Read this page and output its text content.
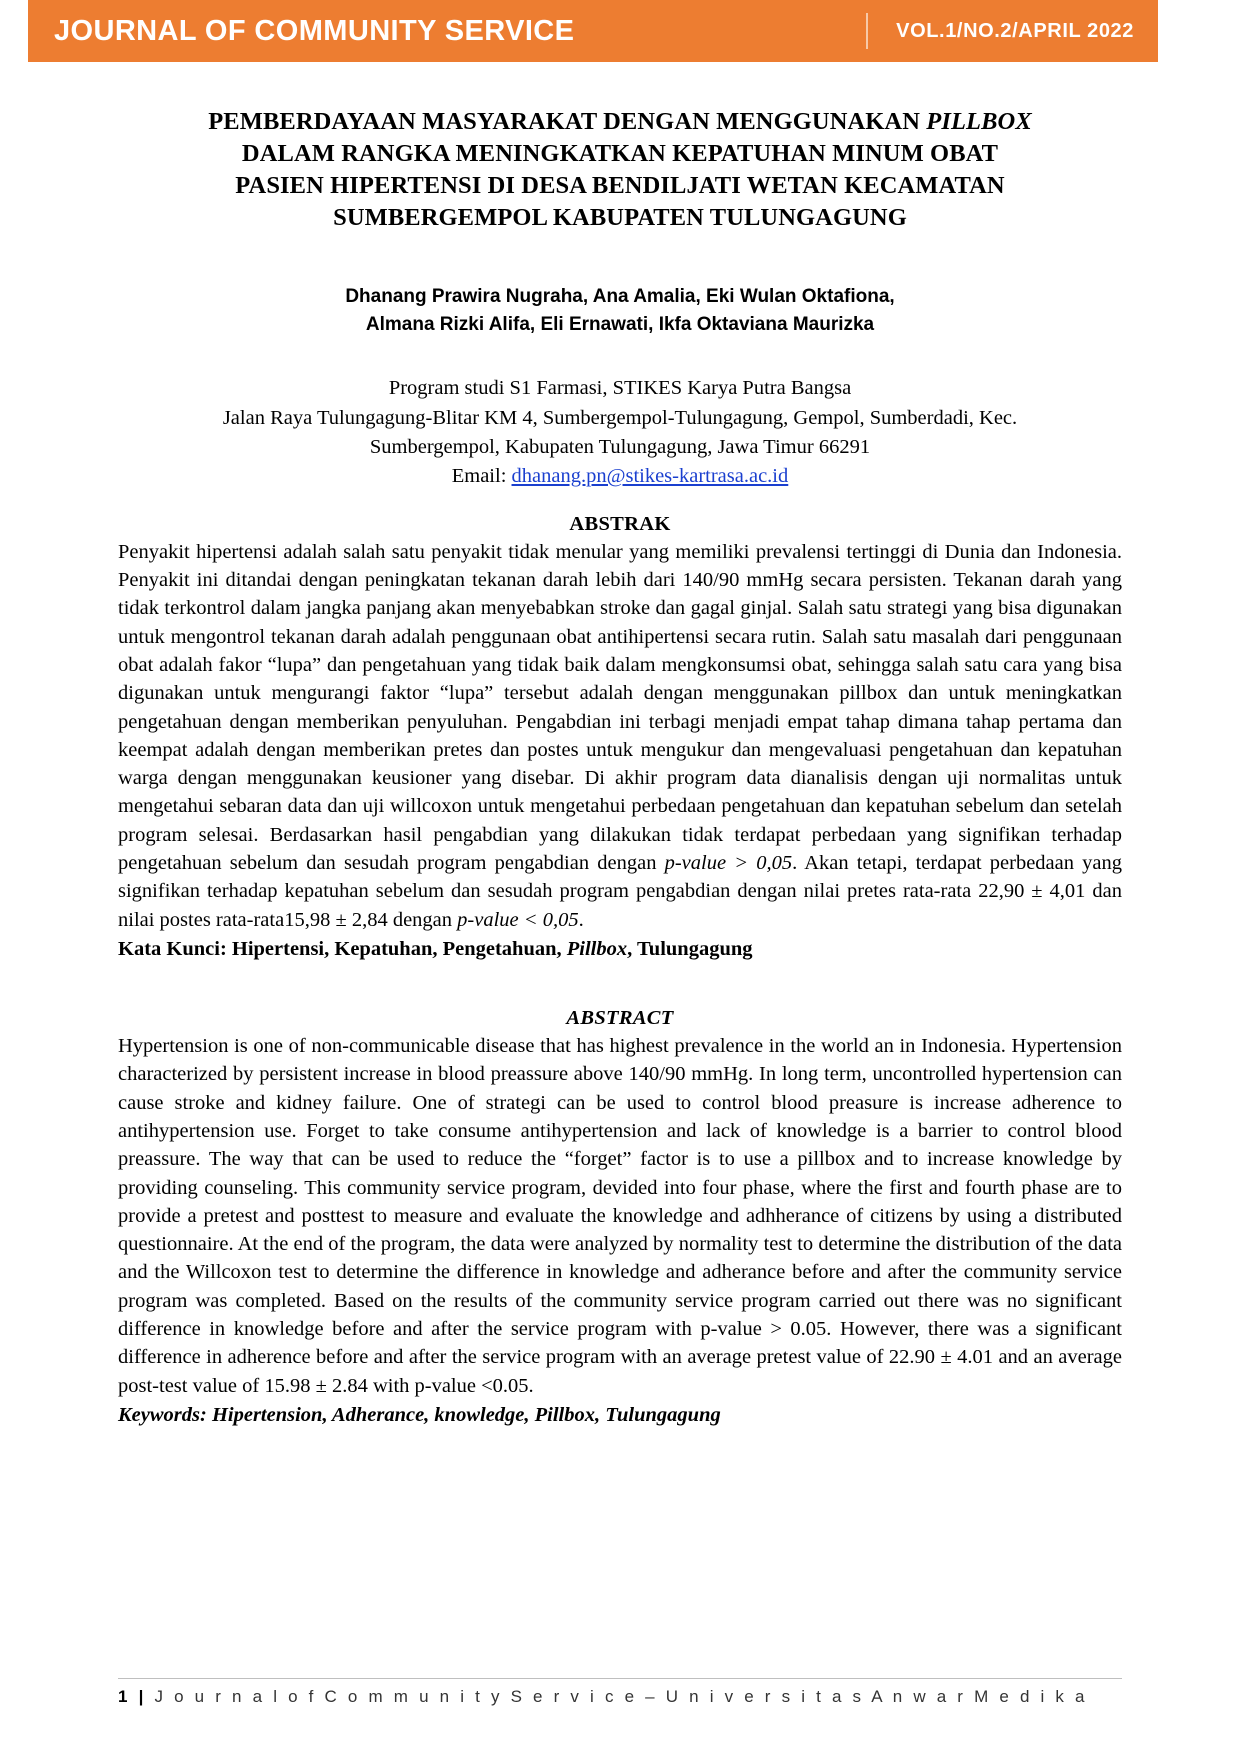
JOURNAL OF COMMUNITY SERVICE	VOL.1/NO.2/APRIL 2022
PEMBERDAYAAN MASYARAKAT DENGAN MENGGUNAKAN PILLBOX
DALAM RANGKA MENINGKATKAN KEPATUHAN MINUM OBAT
PASIEN HIPERTENSI DI DESA BENDILJATI WETAN KECAMATAN
SUMBERGEMPOL KABUPATEN TULUNGAGUNG
Dhanang Prawira Nugraha, Ana Amalia, Eki Wulan Oktafiona,
Almana Rizki Alifa, Eli Ernawati, Ikfa Oktaviana Maurizka
Program studi S1 Farmasi, STIKES Karya Putra Bangsa
Jalan Raya Tulungagung-Blitar KM 4, Sumbergempol-Tulungagung, Gempol, Sumberdadi, Kec.
Sumbergempol, Kabupaten Tulungagung, Jawa Timur 66291
Email: dhanang.pn@stikes-kartrasa.ac.id
ABSTRAK
Penyakit hipertensi adalah salah satu penyakit tidak menular yang memiliki prevalensi tertinggi di Dunia dan Indonesia. Penyakit ini ditandai dengan peningkatan tekanan darah lebih dari 140/90 mmHg secara persisten. Tekanan darah yang tidak terkontrol dalam jangka panjang akan menyebabkan stroke dan gagal ginjal. Salah satu strategi yang bisa digunakan untuk mengontrol tekanan darah adalah penggunaan obat antihipertensi secara rutin. Salah satu masalah dari penggunaan obat adalah fakor “lupa” dan pengetahuan yang tidak baik dalam mengkonsumsi obat, sehingga salah satu cara yang bisa digunakan untuk mengurangi faktor “lupa” tersebut adalah dengan menggunakan pillbox dan untuk meningkatkan pengetahuan dengan memberikan penyuluhan. Pengabdian ini terbagi menjadi empat tahap dimana tahap pertama dan keempat adalah dengan memberikan pretes dan postes untuk mengukur dan mengevaluasi pengetahuan dan kepatuhan warga dengan menggunakan keusioner yang disebar. Di akhir program data dianalisis dengan uji normalitas untuk mengetahui sebaran data dan uji willcoxon untuk mengetahui perbedaan pengetahuan dan kepatuhan sebelum dan setelah program selesai. Berdasarkan hasil pengabdian yang dilakukan tidak terdapat perbedaan yang signifikan terhadap pengetahuan sebelum dan sesudah program pengabdian dengan p-value > 0,05. Akan tetapi, terdapat perbedaan yang signifikan terhadap kepatuhan sebelum dan sesudah program pengabdian dengan nilai pretes rata-rata 22,90 ± 4,01 dan nilai postes rata-rata15,98 ± 2,84 dengan p-value < 0,05.
Kata Kunci: Hipertensi, Kepatuhan, Pengetahuan, Pillbox, Tulungagung
ABSTRACT
Hypertension is one of non-communicable disease that has highest prevalence in the world an in Indonesia. Hypertension characterized by persistent increase in blood preassure above 140/90 mmHg. In long term, uncontrolled hypertension can cause stroke and kidney failure. One of strategi can be used to control blood preasure is increase adherence to antihypertension use. Forget to take consume antihypertension and lack of knowledge is a barrier to control blood preassure. The way that can be used to reduce the “forget” factor is to use a pillbox and to increase knowledge by providing counseling. This community service program, devided into four phase, where the first and fourth phase are to provide a pretest and posttest to measure and evaluate the knowledge and adhherance of citizens by using a distributed questionnaire. At the end of the program, the data were analyzed by normality test to determine the distribution of the data and the Willcoxon test to determine the difference in knowledge and adherance before and after the community service program was completed. Based on the results of the community service program carried out there was no significant difference in knowledge before and after the service program with p-value > 0.05. However, there was a significant difference in adherence before and after the service program with an average pretest value of 22.90 ± 4.01 and an average post-test value of 15.98 ± 2.84 with p-value <0.05.
Keywords: Hipertension, Adherance, knowledge, Pillbox, Tulungagung
1 | J o u r n a l o f C o m m u n i t y S e r v i c e – U n i v e r s i t a s A n w a r M e d i k a
